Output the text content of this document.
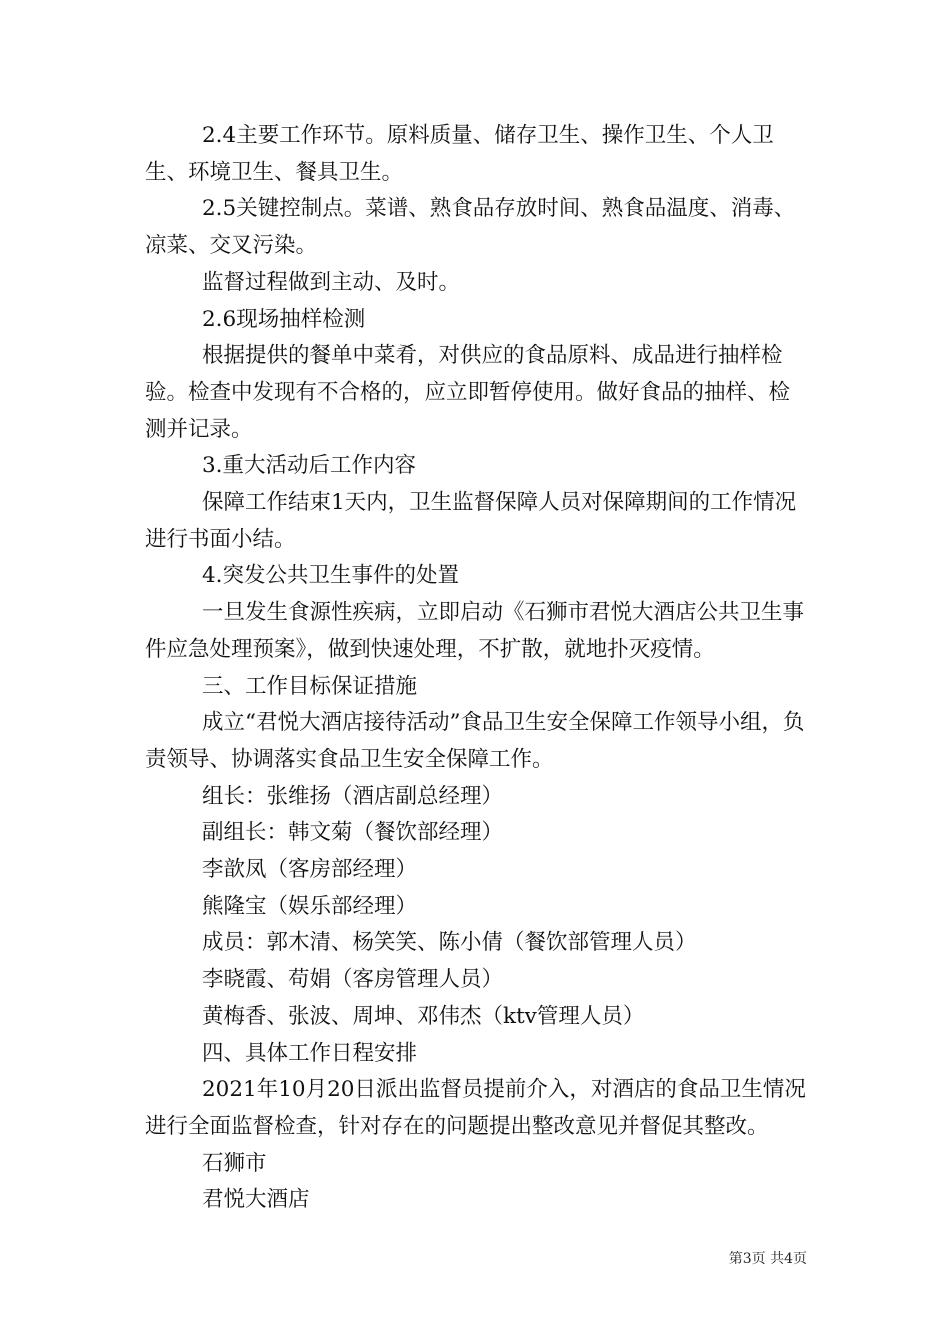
2.4主要工作环节。原料质量、储存卫生、操作卫生、个人卫生、环境卫生、餐具卫生。

2.5关键控制点。菜谱、熟食品存放时间、熟食品温度、消毒、凉菜、交叉污染。

监督过程做到主动、及时。

2.6现场抽样检测

根据提供的餐单中菜肴，对供应的食品原料、成品进行抽样检验。检查中发现有不合格的，应立即暂停使用。做好食品的抽样、检测并记录。

3.重大活动后工作内容

保障工作结束1天内，卫生监督保障人员对保障期间的工作情况进行书面小结。

4.突发公共卫生事件的处置

一旦发生食源性疾病，立即启动《石狮市君悦大酒店公共卫生事件应急处理预案》，做到快速处理，不扩散，就地扑灭疫情。

三、工作目标保证措施

成立“君悦大酒店接待活动”食品卫生安全保障工作领导小组，负责领导、协调落实食品卫生安全保障工作。

组长：张维扬（酒店副总经理）

副组长：韩文菊（餐饮部经理）

李歆凤（客房部经理）

熊隆宝（娱乐部经理）

成员：郭木清、杨笑笑、陈小倩（餐饮部管理人员）

李晓霞、苟娟（客房管理人员）

黄梅香、张波、周坤、邓伟杰（ktv管理人员）

四、具体工作日程安排

2021年10月20日派出监督员提前介入，对酒店的食品卫生情况进行全面监督检查，针对存在的问题提出整改意见并督促其整改。

石狮市

君悦大酒店

第3页 共4页
